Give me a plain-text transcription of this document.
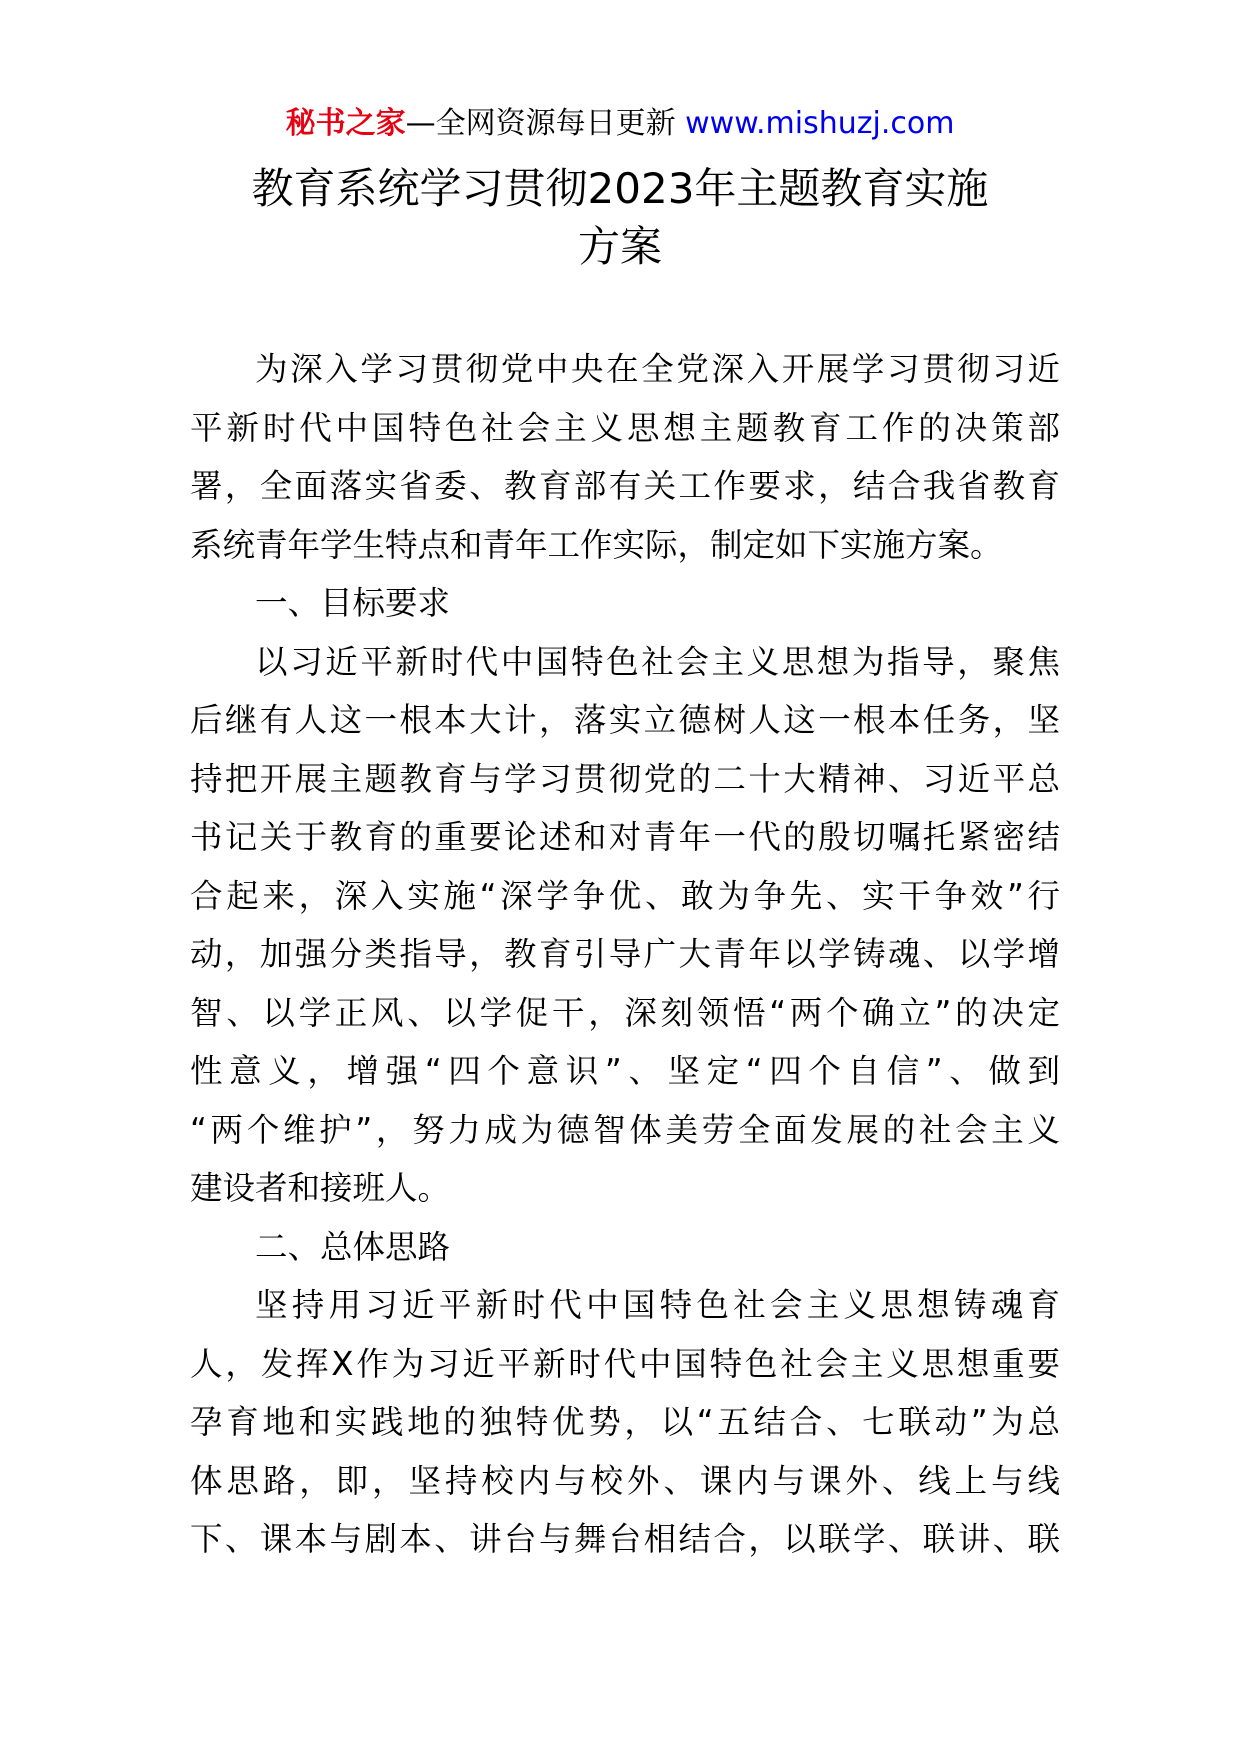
秘书之家—全网资源每日更新 www.mishuzj.com
教育系统学习贯彻2023年主题教育实施
方案

为深入学习贯彻党中央在全党深入开展学习贯彻习近

平新时代中国特色社会主义思想主题教育工作的决策部

署，全面落实省委、教育部有关工作要求，结合我省教育

系统青年学生特点和青年工作实际，制定如下实施方案。

一、目标要求

以习近平新时代中国特色社会主义思想为指导，聚焦

后继有人这一根本大计，落实立德树人这一根本任务，坚

持把开展主题教育与学习贯彻党的二十大精神、习近平总

书记关于教育的重要论述和对青年一代的殷切嘱托紧密结

合起来，深入实施“深学争优、敢为争先、实干争效”行

动，加强分类指导，教育引导广大青年以学铸魂、以学增

智、以学正风、以学促干，深刻领悟“两个确立”的决定

性意义，增强“四个意识”、坚定“四个自信”、做到

“两个维护”，努力成为德智体美劳全面发展的社会主义

建设者和接班人。

二、总体思路

坚持用习近平新时代中国特色社会主义思想铸魂育

人，发挥X作为习近平新时代中国特色社会主义思想重要

孕育地和实践地的独特优势，以“五结合、七联动”为总

体思路，即，坚持校内与校外、课内与课外、线上与线

下、课本与剧本、讲台与舞台相结合，以联学、联讲、联
